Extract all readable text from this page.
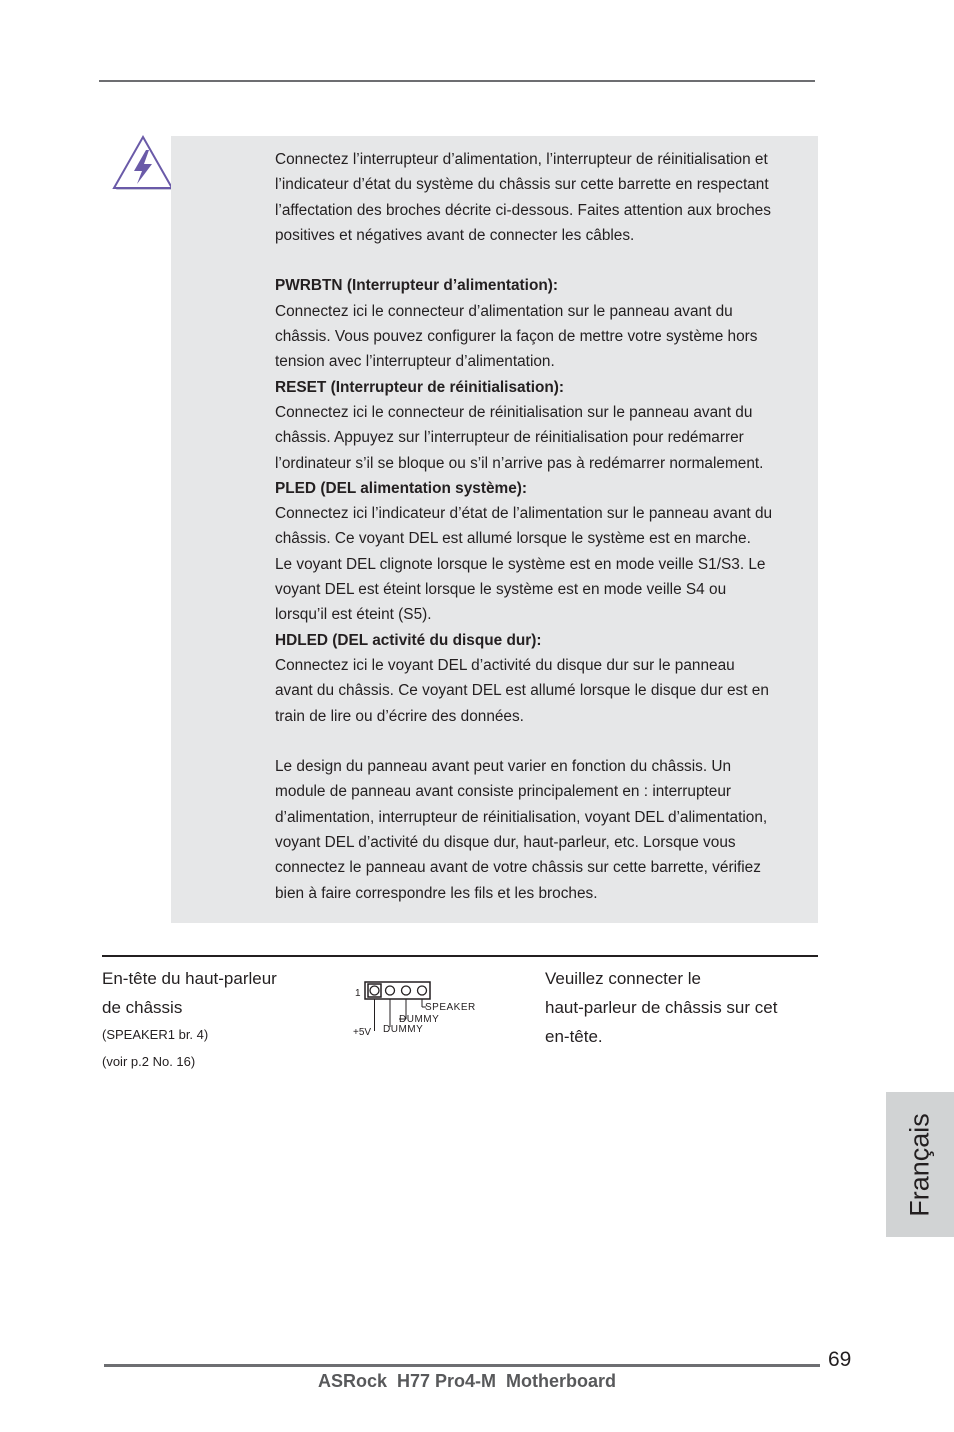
Connectez l’interrupteur d’alimentation, l’interrupteur de réinitialisation et

l’indicateur d’état du système du châssis sur cette barrette en respectant

l’affectation des broches décrite ci-dessous. Faites attention aux broches

positives et négatives avant de connecter les câbles.

PWRBTN (Interrupteur d’alimentation):

Connectez ici le connecteur d’alimentation sur le panneau avant du

châssis. Vous pouvez configurer la façon de mettre votre système hors

tension avec l’interrupteur d’alimentation.

RESET (Interrupteur de réinitialisation):

Connectez ici le connecteur de réinitialisation sur le panneau avant du

châssis. Appuyez sur l’interrupteur de réinitialisation pour redémarrer

l’ordinateur s’il se bloque ou s’il n’arrive pas à redémarrer normalement.

PLED (DEL alimentation système):

Connectez ici l’indicateur d’état de l’alimentation sur le panneau avant du

châssis. Ce voyant DEL est allumé lorsque le système est en marche.

Le voyant DEL clignote lorsque le système est en mode veille S1/S3. Le

voyant DEL est éteint lorsque le système est en mode veille S4 ou

lorsqu’il est éteint (S5).

HDLED (DEL activité du disque dur):

Connectez ici le voyant DEL d’activité du disque dur sur le panneau

avant du châssis. Ce voyant DEL est allumé lorsque le disque dur est en

train de lire ou d’écrire des données.

Le design du panneau avant peut varier en fonction du châssis. Un

module de panneau avant consiste principalement en : interrupteur

d’alimentation, interrupteur de réinitialisation, voyant DEL d’alimentation,

voyant DEL d’activité du disque dur, haut-parleur, etc. Lorsque vous

connectez le panneau avant de votre châssis sur cette barrette, vérifiez

bien à faire correspondre les fils et les broches.

En-tête du haut-parleur
de châssis
(SPEAKER1 br. 4)
(voir p.2 No. 16)
1
SPEAKER
DUMMY
+5V DUMMY
Veuillez connecter le
haut-parleur de châssis sur cet
en-tête.
Français
69
ASRock  H77 Pro4-M  Motherboard
